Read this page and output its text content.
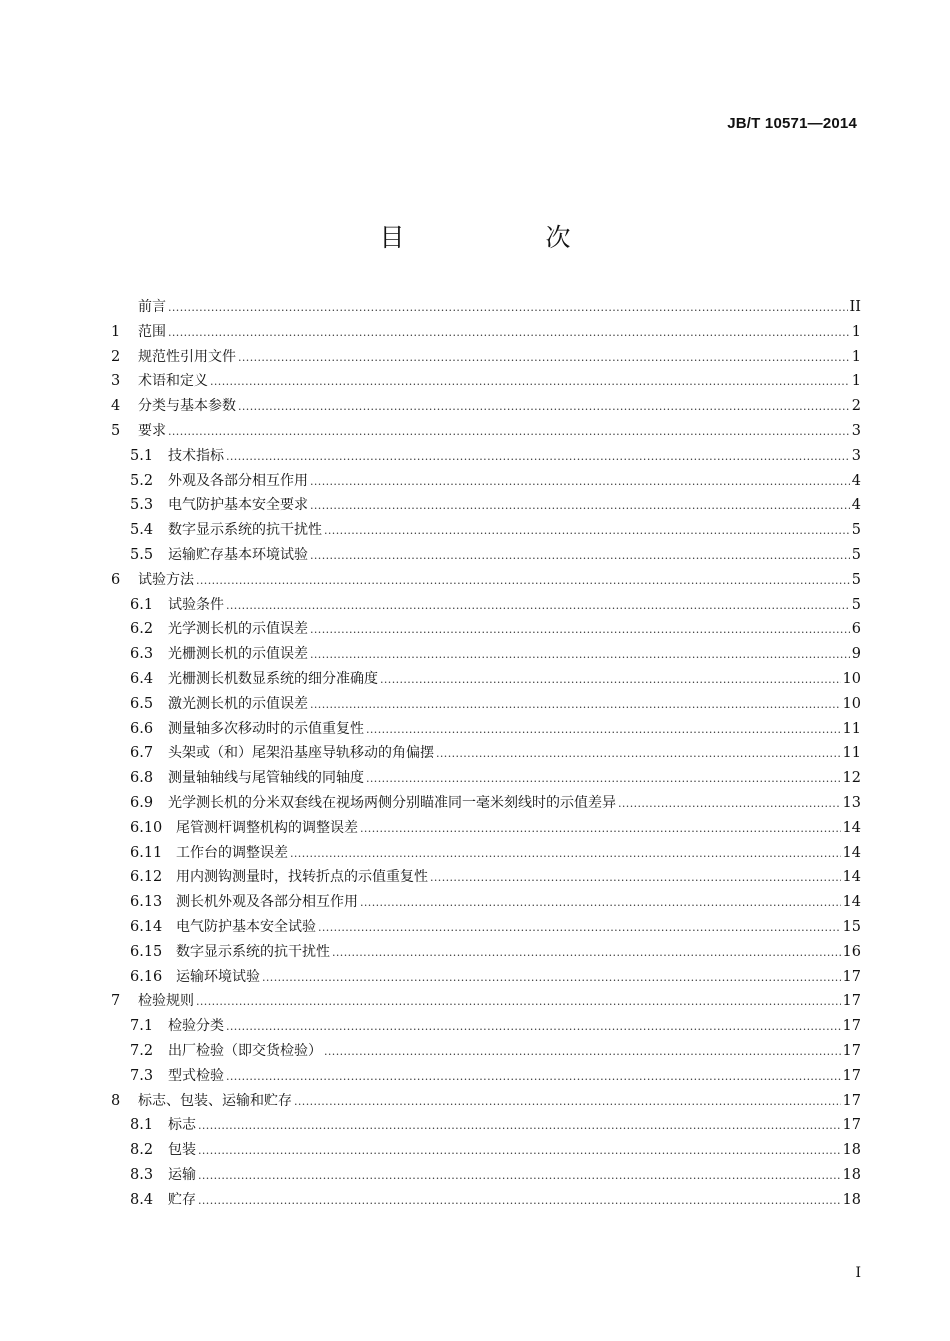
JB/T 10571—2014
目　次
前言 .....	II
1	范围 .....	1
2	规范性引用文件 .....	1
3	术语和定义 .....	1
4	分类与基本参数 .....	2
5	要求 .....	3
5.1	技术指标 .....	3
5.2	外观及各部分相互作用 .....	4
5.3	电气防护基本安全要求 .....	4
5.4	数字显示系统的抗干扰性 .....	5
5.5	运输贮存基本环境试验 .....	5
6	试验方法 .....	5
6.1	试验条件 .....	5
6.2	光学测长机的示值误差 .....	6
6.3	光栅测长机的示值误差 .....	9
6.4	光栅测长机数显系统的细分准确度 .....	10
6.5	激光测长机的示值误差 .....	10
6.6	测量轴多次移动时的示值重复性 .....	11
6.7	头架或（和）尾架沿基座导轨移动的角偏摆 .....	11
6.8	测量轴轴线与尾管轴线的同轴度 .....	12
6.9	光学测长机的分米双套线在视场两侧分别瞄准同一毫米刻线时的示值差异 .....	13
6.10 尾管测杆调整机构的调整误差 .....	14
6.11 工作台的调整误差 .....	14
6.12 用内测钩测量时，找转折点的示值重复性 .....	14
6.13 测长机外观及各部分相互作用 .....	14
6.14 电气防护基本安全试验 .....	15
6.15 数字显示系统的抗干扰性 .....	16
6.16 运输环境试验 .....	17
7	检验规则 .....	17
7.1	检验分类 .....	17
7.2	出厂检验（即交货检验） .....	17
7.3	型式检验 .....	17
8	标志、包装、运输和贮存 .....	17
8.1	标志 .....	17
8.2	包装 .....	18
8.3	运输 .....	18
8.4	贮存 .....	18
I
